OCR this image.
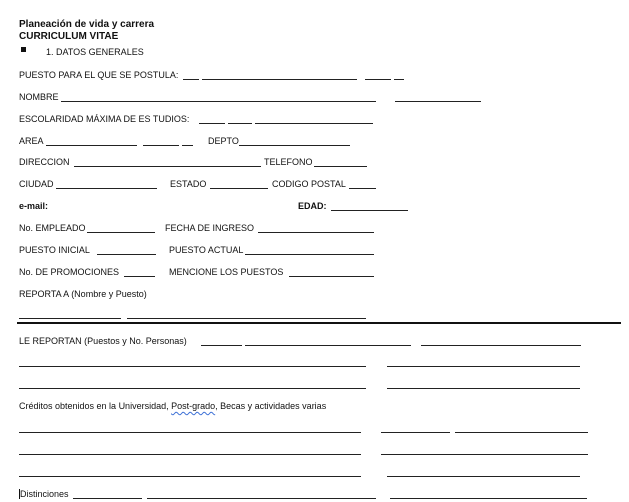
Planeación de vida y carrera
CURRICULUM VITAE
1. DATOS GENERALES
PUESTO PARA EL QUE SE POSTULA:
NOMBRE
ESCOLARIDAD MÁXIMA DE ES TUDIOS:
AREA	DEPTO
DIRECCION	TELEFONO
CIUDAD	ESTADO	CODIGO POSTAL
e-mail:	EDAD:
No. EMPLEADO	FECHA DE INGRESO
PUESTO INICIAL	PUESTO ACTUAL
No. DE PROMOCIONES	MENCIONE LOS PUESTOS
REPORTA A (Nombre y Puesto)
LE REPORTAN (Puestos y No. Personas)
Créditos obtenidos en la Universidad, Post-grado, Becas y actividades varias
Distinciones
